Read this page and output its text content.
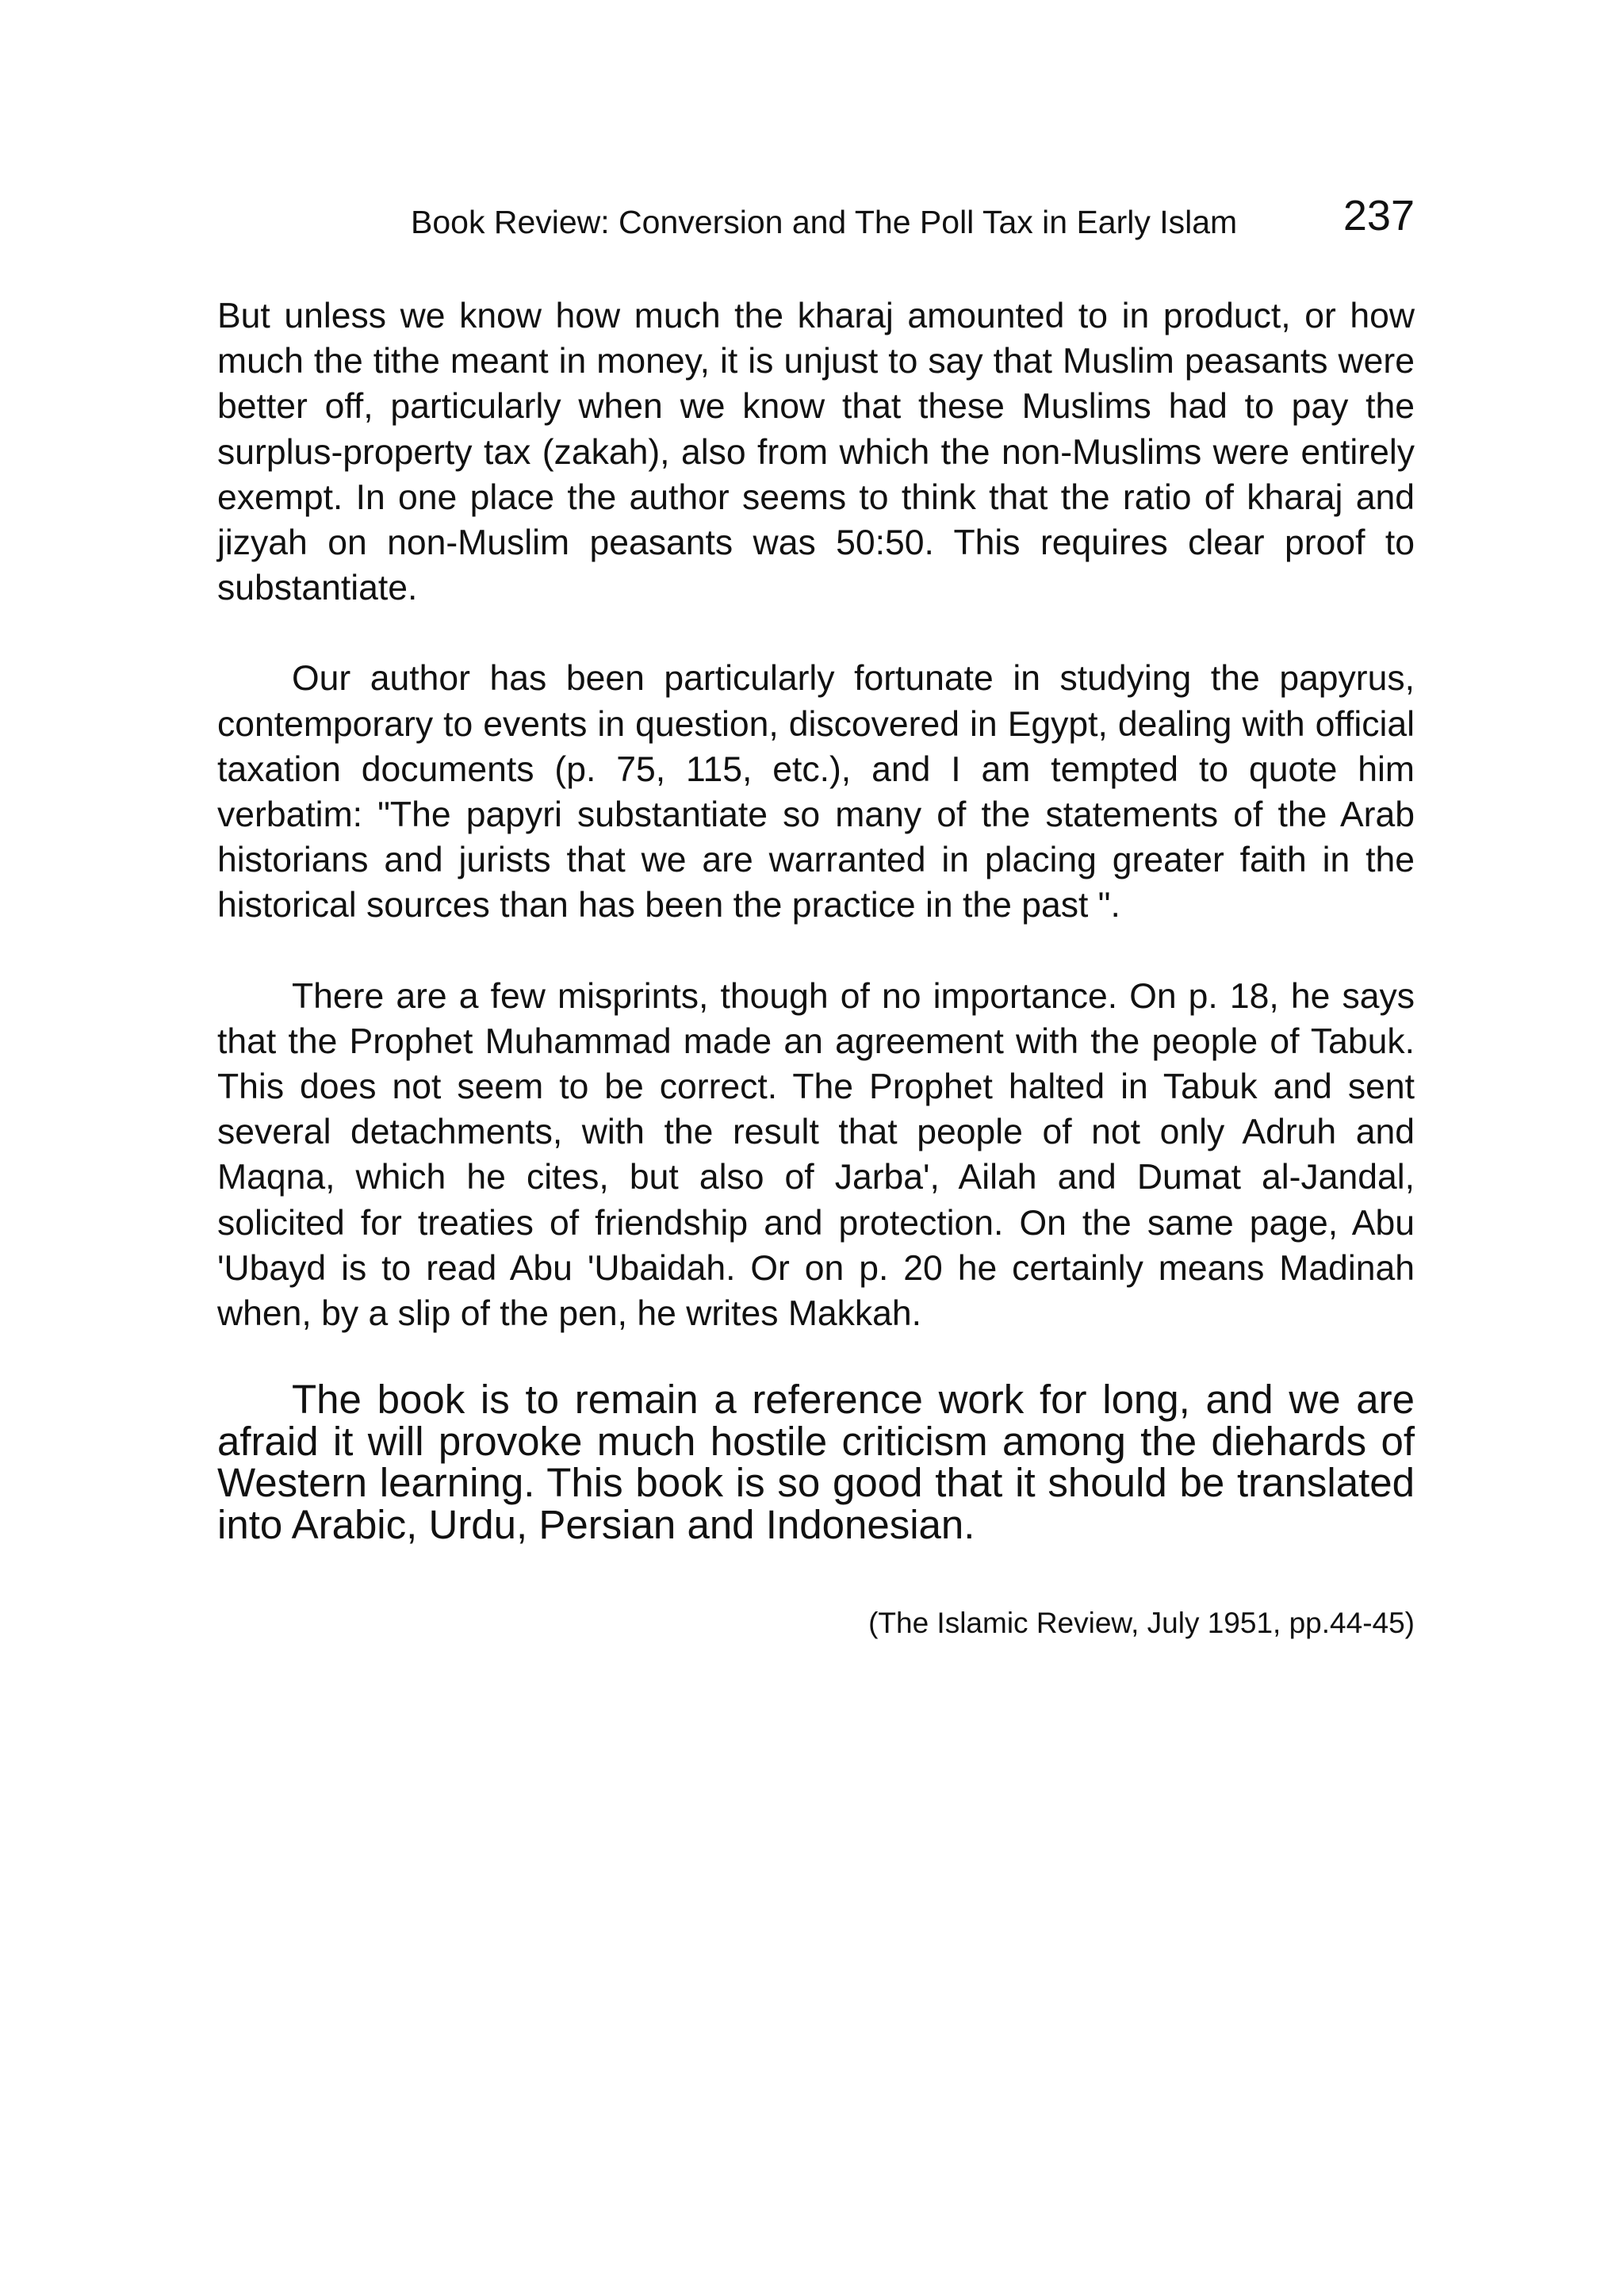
Book Review: Conversion and The Poll Tax in Early Islam 237

But unless we know how much the kharaj amounted to in product, or how much the tithe meant in money, it is unjust to say that Muslim peasants were better off, particularly when we know that these Muslims had to pay the surplus-property tax (zakah), also from which the non-Muslims were entirely exempt. In one place the author seems to think that the ratio of kharaj and jizyah on non-Muslim peasants was 50:50. This requires clear proof to substantiate.

Our author has been particularly fortunate in studying the papyrus, contemporary to events in question, discovered in Egypt, dealing with official taxation documents (p. 75, 115, etc.), and I am tempted to quote him verbatim: "The papyri substantiate so many of the statements of the Arab historians and jurists that we are warranted in placing greater faith in the historical sources than has been the practice in the past ".

There are a few misprints, though of no importance. On p. 18, he says that the Prophet Muhammad made an agreement with the people of Tabuk. This does not seem to be correct. The Prophet halted in Tabuk and sent several detachments, with the result that people of not only Adruh and Maqna, which he cites, but also of Jarba', Ailah and Dumat al-Jandal, solicited for treaties of friendship and protection. On the same page, Abu 'Ubayd is to read Abu 'Ubaidah. Or on p. 20 he certainly means Madinah when, by a slip of the pen, he writes Makkah.

The book is to remain a reference work for long, and we are afraid it will provoke much hostile criticism among the diehards of Western learning. This book is so good that it should be translated into Arabic, Urdu, Persian and Indonesian.

(The Islamic Review, July 1951, pp.44-45)
